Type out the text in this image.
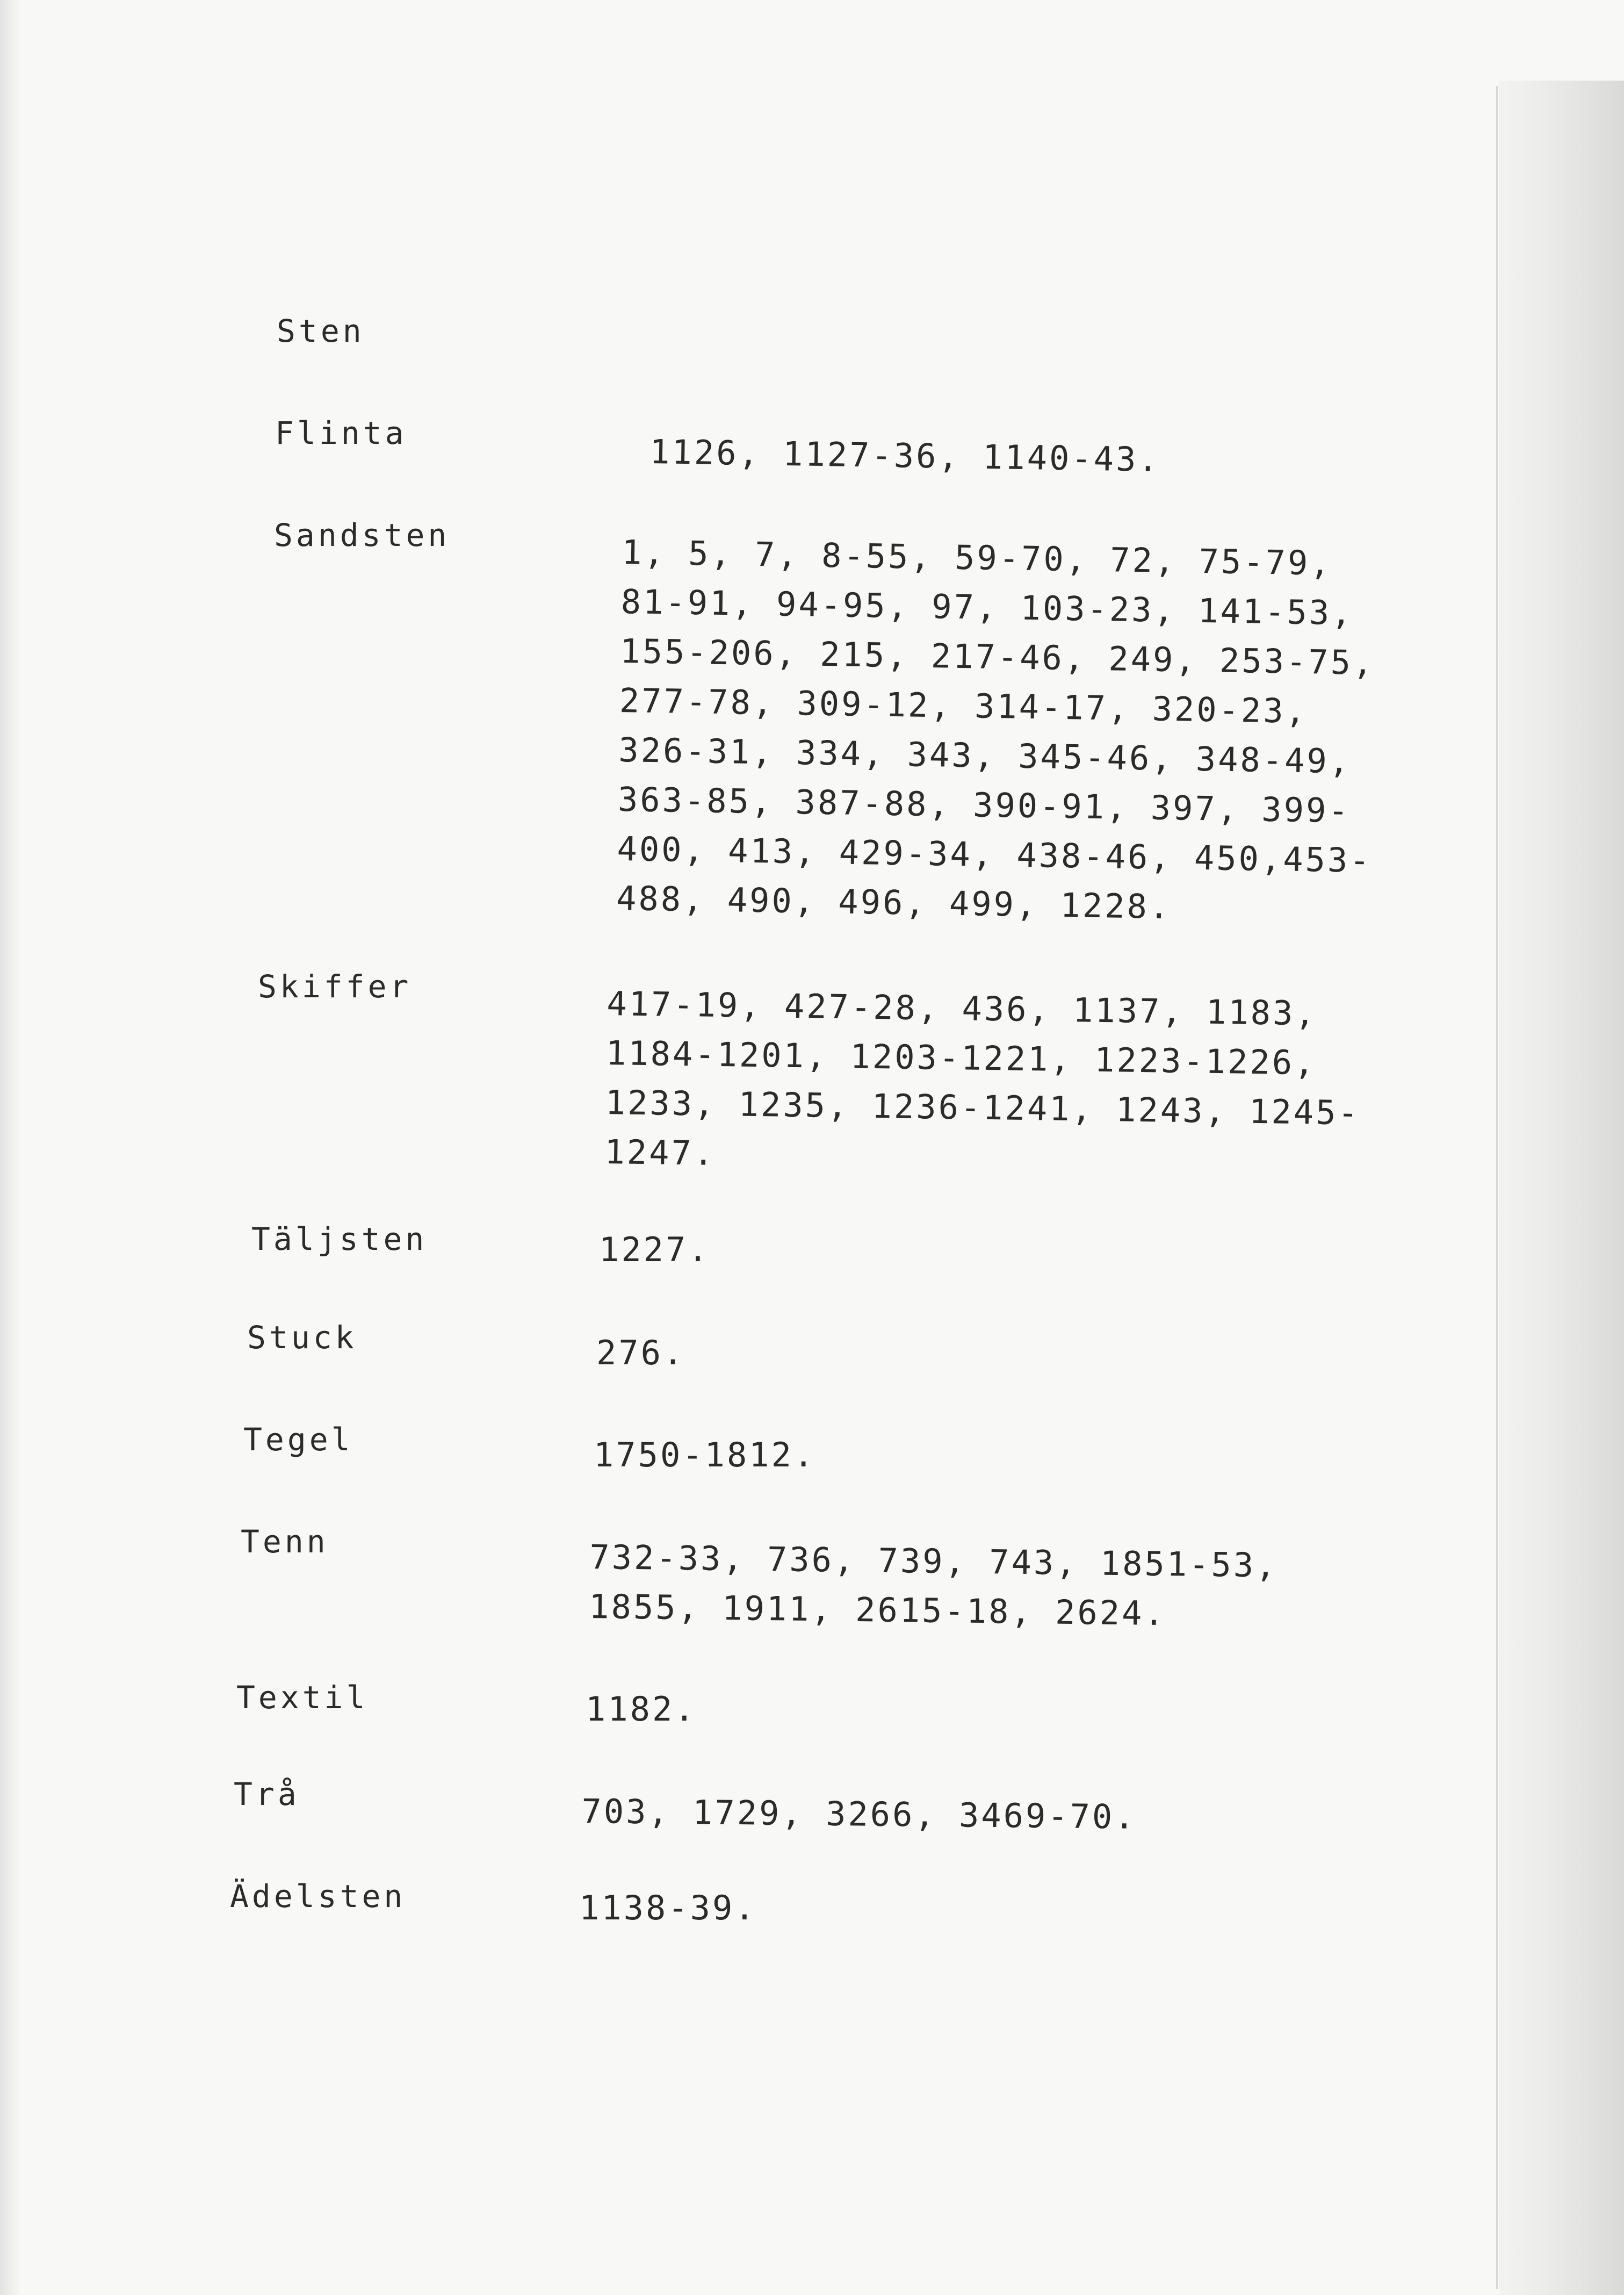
Sten
Flinta	1126, 1127-36, 1140-43.
Sandsten	1, 5, 7, 8-55, 59-70, 72, 75-79,
81-91, 94-95, 97, 103-23, 141-53,
155-206, 215, 217-46, 249, 253-75,
277-78, 309-12, 314-17, 320-23,
326-31, 334, 343, 345-46, 348-49,
363-85, 387-88, 390-91, 397, 399-
400, 413, 429-34, 438-46, 450,453-
488, 490, 496, 499, 1228.
Skiffer	417-19, 427-28, 436, 1137, 1183,
1184-1201, 1203-1221, 1223-1226,
1233, 1235, 1236-1241, 1243, 1245-
1247.
Täljsten	1227.
Stuck	276.
Tegel	1750-1812.
Tenn	732-33, 736, 739, 743, 1851-53,
1855, 1911, 2615-18, 2624.
Textil	1182.
Trå	703, 1729, 3266, 3469-70.
Ädelsten	1138-39.
